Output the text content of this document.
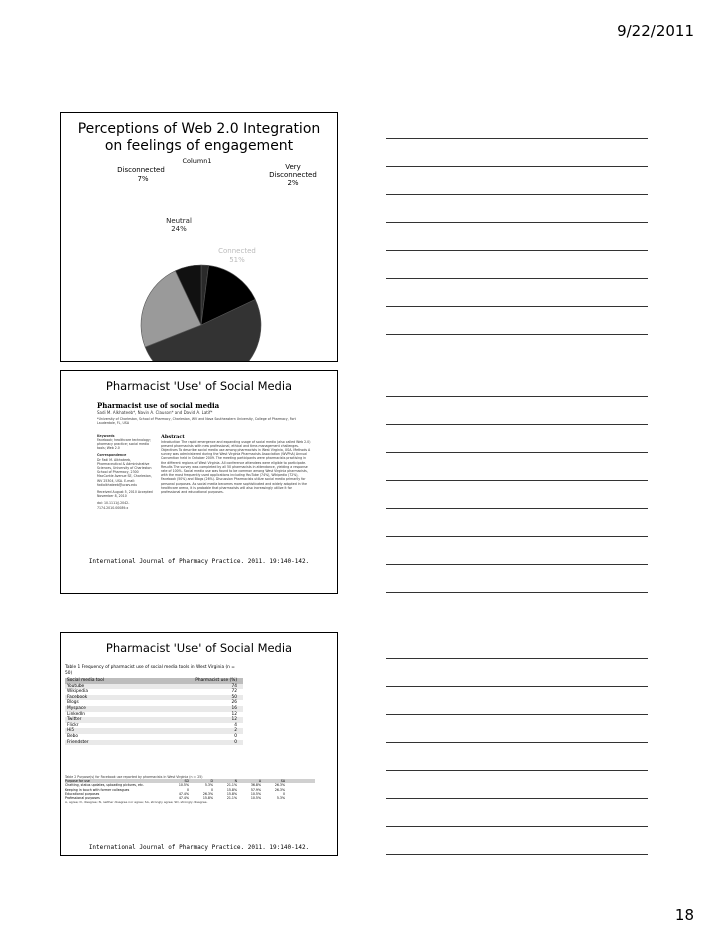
9/22/2011
Perceptions of Web 2.0 Integration
on feelings of engagement
Column1
Very
Disconnected
2%
Disconnected
7%
Neutral
24%
Connected
51%
Pharmacist 'Use' of Social Media
Pharmacist use of social media
Sadi M. Alkhateeb*, Navin A. Clauson* and David A. Latif*
*University of Charleston, School of Pharmacy, Charleston, WV and Nova Southeastern University, College of Pharmacy, Fort Lauderdale, FL, USA
Keywords
Facebook; healthcare technology; pharmacy practice; social media tools; Web 2.0
Correspondence
Dr Fadi M. Alkhateeb, Pharmaceutical & Administrative Sciences, University of Charleston School of Pharmacy, 2300 MacCorkle Avenue SE, Charleston, WV 25304, USA. E-mail: fadialkhateeb@ucwv.edu
Received August 5, 2010 Accepted November 8, 2010
doi: 10.1111/j.2042-7174.2010.00089.x
Abstract
Introduction The rapid emergence and expanding usage of social media (also called Web 2.0) present pharmacists with new professional, ethical and time-management challenges. Objectives To describe social media use among pharmacists in West Virginia, USA. Methods A survey was administered during the West Virginia Pharmacists Association (WVPhA) Annual Convention held in October 2009. The meeting participants were pharmacists practising in the different regions of West Virginia. All conference attendees were eligible to participate. Results The survey was completed by all 50 pharmacists in attendance, yielding a response rate of 100%. Social media use was found to be common among West Virginia pharmacists, with the most frequently used applications including YouTube (74%), Wikipedia (72%), Facebook (50%) and Blogs (26%). Discussion Pharmacists utilize social media primarily for personal purposes. As social media becomes more sophisticated and widely adopted in the healthcare arena, it is probable that pharmacists will also increasingly utilize it for professional and educational purposes.
International Journal of Pharmacy Practice. 2011. 19:140-142.
Pharmacist 'Use' of Social Media
Table 1 Frequency of pharmacist use of social media tools in West Virginia (n = 50)
Social media tool	Pharmacist use (%)
Youtube	74
Wikipedia	72
Facebook	50
Blogs	26
Myspace	16
LinkedIn	12
Twitter	12
Flickr	4
Hi5	2
Bebo	0
Friendster	0
Table 2 Purpose(s) for Facebook use reported by pharmacists in West Virginia (n = 25)
Purpose for use	SD	D	N	A	SA
Chatting, status updates, uploading pictures, etc.	10.5%	5.3%	21.1%	36.8%	26.3%
Keeping in touch with former colleagues	0	0	15.8%	57.9%	26.3%
Educational purposes	47.4%	26.3%	15.8%	10.5%	0
Professional purposes	47.4%	15.8%	21.1%	10.5%	5.3%
A, agree; D, disagree; N, neither disagree nor agree; SA, strongly agree; SD, strongly disagree.
International Journal of Pharmacy Practice. 2011. 19:140-142.
18
